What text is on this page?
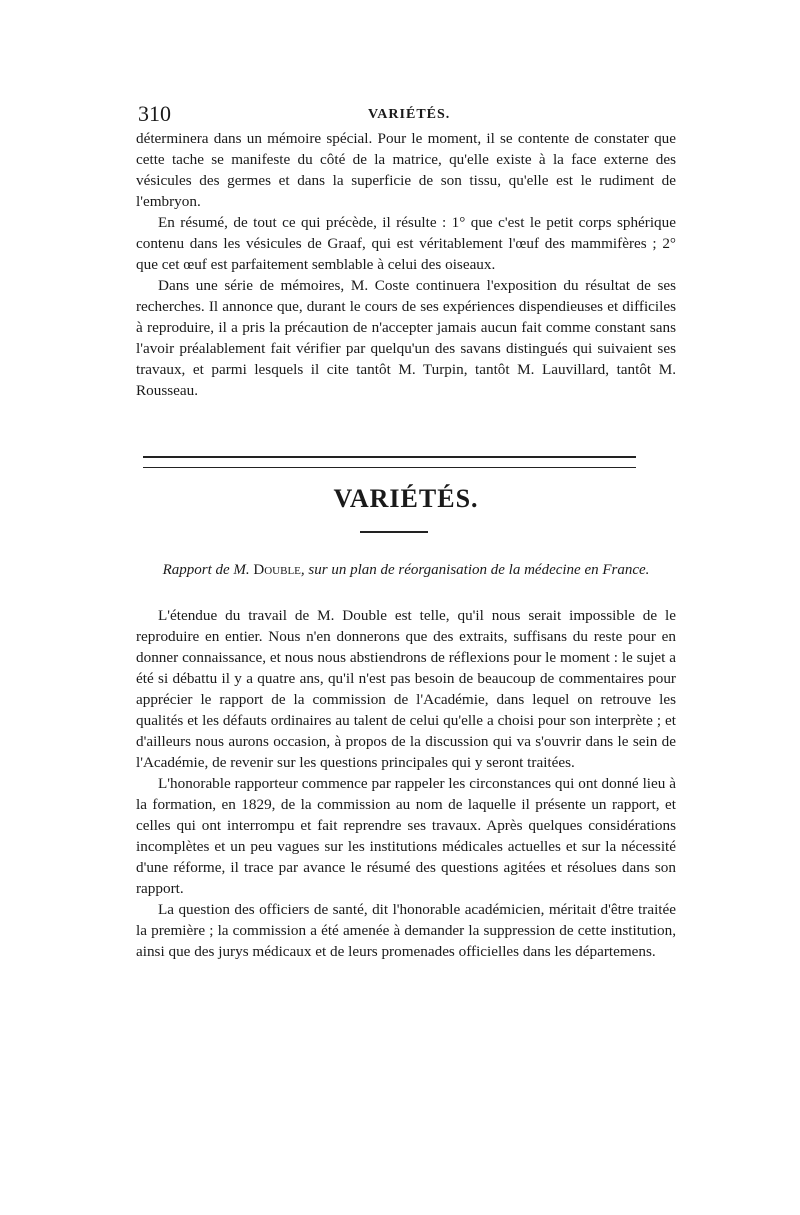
310	VARIÉTÉS.

déterminera dans un mémoire spécial. Pour le moment, il se contente de constater que cette tache se manifeste du côté de la matrice, qu'elle existe à la face externe des vésicules des germes et dans la superficie de son tissu, qu'elle est le rudiment de l'embryon.

En résumé, de tout ce qui précède, il résulte : 1° que c'est le petit corps sphérique contenu dans les vésicules de Graaf, qui est véritablement l'œuf des mammifères ; 2° que cet œuf est parfaitement semblable à celui des oiseaux.

Dans une série de mémoires, M. Coste continuera l'exposition du résultat de ses recherches. Il annonce que, durant le cours de ses expériences dispendieuses et difficiles à reproduire, il a pris la précaution de n'accepter jamais aucun fait comme constant sans l'avoir préalablement fait vérifier par quelqu'un des savans distingués qui suivaient ses travaux, et parmi lesquels il cite tantôt M. Turpin, tantôt M. Lauvillard, tantôt M. Rousseau.

VARIÉTÉS.
Rapport de M. Double, sur un plan de réorganisation de la médecine en France.

L'étendue du travail de M. Double est telle, qu'il nous serait impossible de le reproduire en entier. Nous n'en donnerons que des extraits, suffisans du reste pour en donner connaissance, et nous nous abstiendrons de réflexions pour le moment : le sujet a été si débattu il y a quatre ans, qu'il n'est pas besoin de beaucoup de commentaires pour apprécier le rapport de la commission de l'Académie, dans lequel on retrouve les qualités et les défauts ordinaires au talent de celui qu'elle a choisi pour son interprète ; et d'ailleurs nous aurons occasion, à propos de la discussion qui va s'ouvrir dans le sein de l'Académie, de revenir sur les questions principales qui y seront traitées.

L'honorable rapporteur commence par rappeler les circonstances qui ont donné lieu à la formation, en 1829, de la commission au nom de laquelle il présente un rapport, et celles qui ont interrompu et fait reprendre ses travaux. Après quelques considérations incomplètes et un peu vagues sur les institutions médicales actuelles et sur la nécessité d'une réforme, il trace par avance le résumé des questions agitées et résolues dans son rapport.

La question des officiers de santé, dit l'honorable académicien, méritait d'être traitée la première ; la commission a été amenée à demander la suppression de cette institution, ainsi que des jurys médicaux et de leurs promenades officielles dans les départemens.
